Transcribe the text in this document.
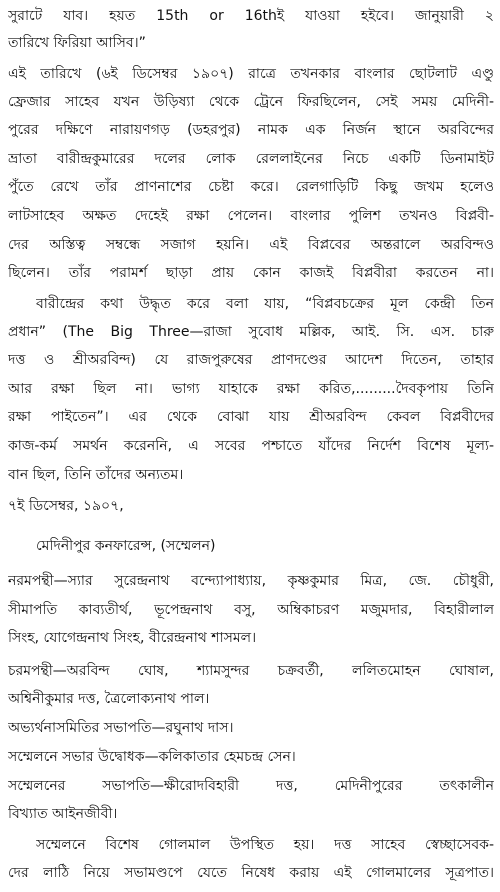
সুরাটে যাব। হয়ত 15th or 16thই যাওয়া হইবে। জানুয়ারী ২
তারিখে ফিরিয়া আসিব।”
এই তারিখে (৬ই ডিসেম্বর ১৯০৭) রাত্রে তখনকার বাংলার ছোটলাট এণ্ডু
ফ্রেজার সাহেব যখন উড়িষ্যা থেকে ট্রেনে ফিরছিলেন, সেই সময় মেদিনী-
পুরের দক্ষিণে নারায়ণগড় (ডহরপুর) নামক এক নির্জন স্থানে অরবিন্দের
ভ্রাতা বারীন্দ্রকুমারের দলের লোক রেললাইনের নিচে একটি ডিনামাইট
পুঁতে রেখে তাঁর প্রাণনাশের চেষ্টা করে। রেলগাড়িটি কিছু জখম হলেও
লাটসাহেব অক্ষত দেহেই রক্ষা পেলেন। বাংলার পুলিশ তখনও বিপ্লবী-
দের অস্তিত্ব সম্বন্ধে সজাগ হয়নি। এই বিপ্লবের অন্তরালে অরবিন্দও
ছিলেন। তাঁর পরামর্শ ছাড়া প্রায় কোন কাজই বিপ্লবীরা করতেন না।
বারীন্দ্রের কথা উদ্ধৃত করে বলা যায়, “বিপ্লবচক্রের মূল কেন্দ্রী তিন
প্রধান” (The Big Three—রাজা সুবোধ মল্লিক, আই. সি. এস. চারু
দত্ত ও শ্রীঅরবিন্দ) যে রাজপুরুষের প্রাণদণ্ডের আদেশ দিতেন, তাহার
আর রক্ষা ছিল না। ভাগ্য যাহাকে রক্ষা করিত,.........দৈবকৃপায় তিনি
রক্ষা পাইতেন”। এর থেকে বোঝা যায় শ্রীঅরবিন্দ কেবল বিপ্লবীদের
কাজ-কর্ম সমর্থন করেননি, এ সবের পশ্চাতে যাঁদের নির্দেশ বিশেষ মূল্য-
বান ছিল, তিনি তাঁদের অন্যতম।
৭ই ডিসেম্বর, ১৯০৭,
মেদিনীপুর কনফারেন্স, (সম্মেলন)
নরমপন্থী—স্যার সুরেন্দ্রনাথ বন্দ্যোপাধ্যায়, কৃষ্ণকুমার মিত্র, জে. চৌধুরী,
সীমাপতি কাব্যতীর্থ, ভূপেন্দ্রনাথ বসু, অম্বিকাচরণ মজুমদার, বিহারীলাল
সিংহ, যোগেন্দ্রনাথ সিংহ, বীরেন্দ্রনাথ শাসমল।
চরমপন্থী—অরবিন্দ ঘোষ, শ্যামসুন্দর চক্রবর্তী, ললিতমোহন ঘোষাল,
অশ্বিনীকুমার দত্ত, ত্রৈলোক্যনাথ পাল।
অভ্যর্থনাসমিতির সভাপতি—রঘুনাথ দাস।
সম্মেলনে সভার উদ্বোধক—কলিকাতার হেমচন্দ্র সেন।
সম্মেলনের সভাপতি—ক্ষীরোদবিহারী দত্ত, মেদিনীপুরের তৎকালীন
বিখ্যাত আইনজীবী।
সম্মেলনে বিশেষ গোলমাল উপস্থিত হয়। দত্ত সাহেব স্বেচ্ছাসেবক-
দের লাঠি নিয়ে সভামণ্ডপে যেতে নিষেধ করায় এই গোলমালের সূত্রপাত।
